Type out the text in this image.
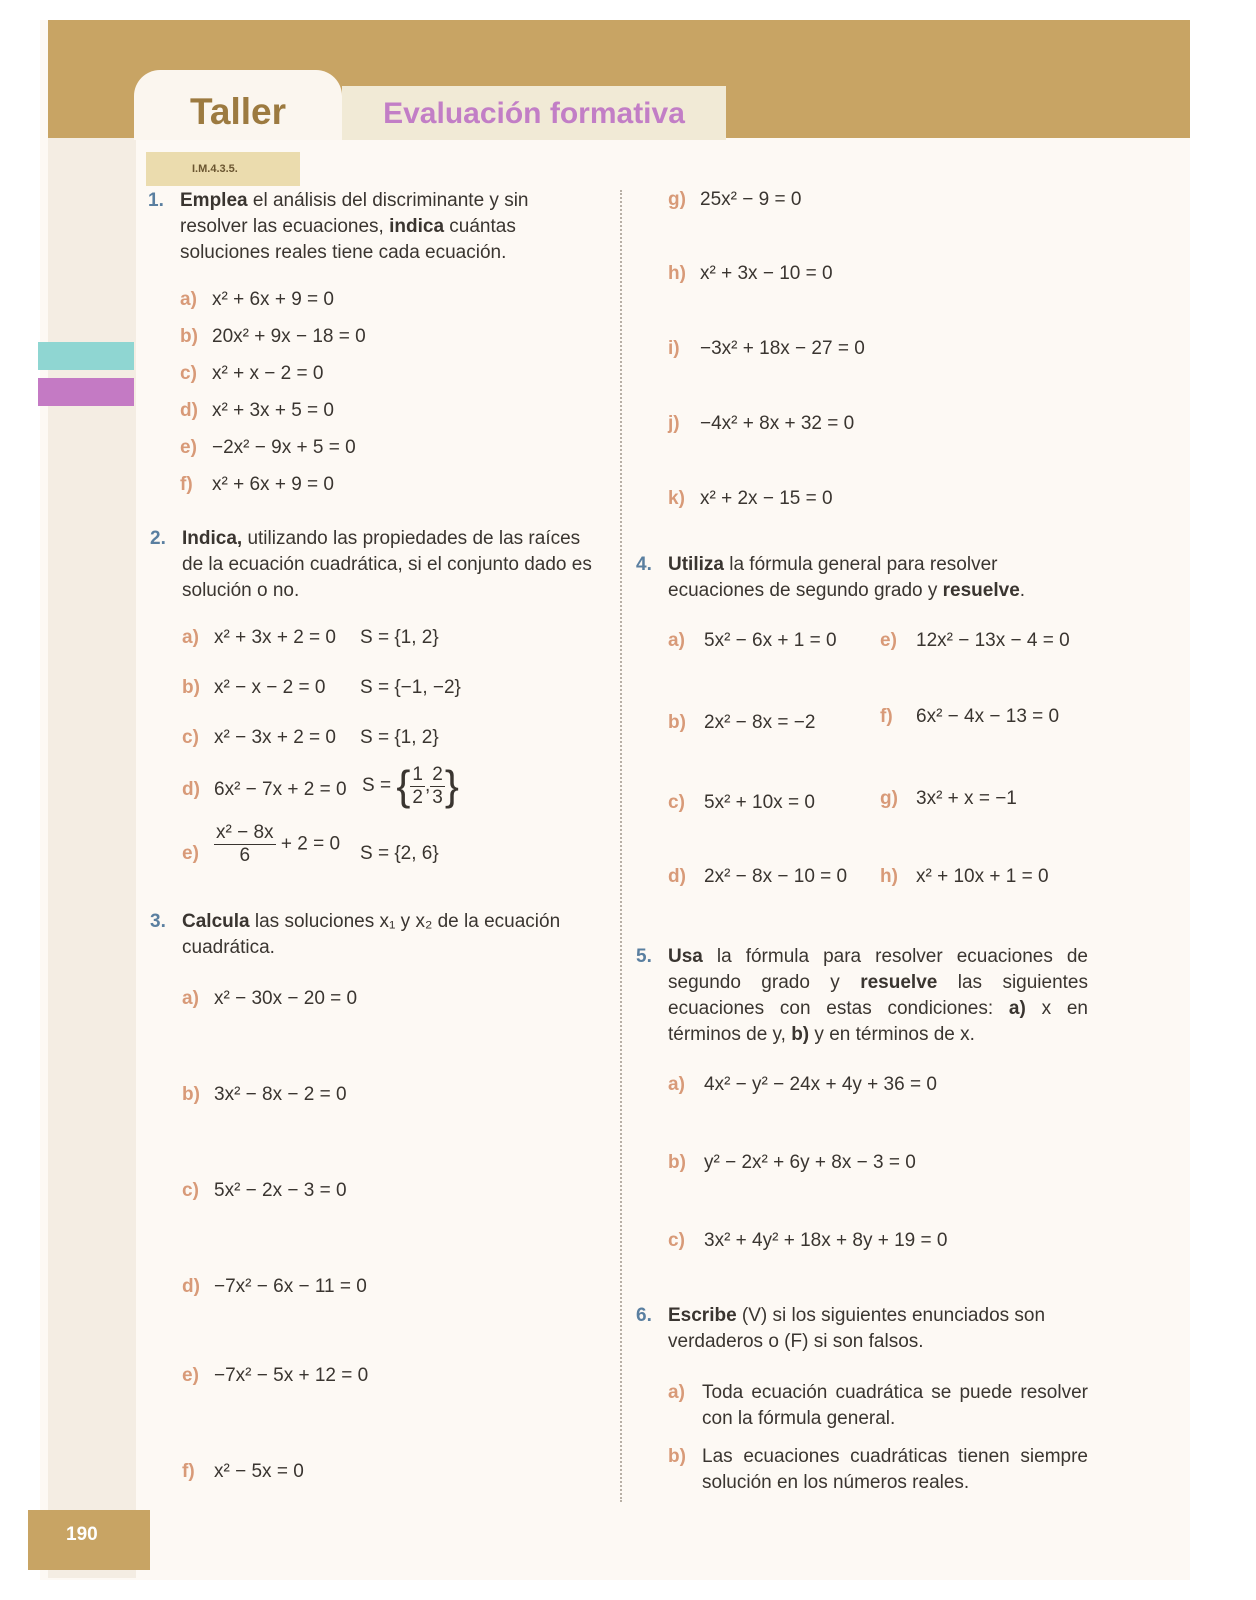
Taller	Evaluación formativa
I.M.4.3.5.
1. Emplea el análisis del discriminante y sin resolver las ecuaciones, indica cuántas soluciones reales tiene cada ecuación.
a) x² + 6x + 9 = 0
b) 20x² + 9x − 18 = 0
c) x² + x − 2 = 0
d) x² + 3x + 5 = 0
e) −2x² − 9x + 5 = 0
f) x² + 6x + 9 = 0
g) 25x² − 9 = 0
h) x² + 3x − 10 = 0
i) −3x² + 18x − 27 = 0
j) −4x² + 8x + 32 = 0
k) x² + 2x − 15 = 0
2. Indica, utilizando las propiedades de las raíces de la ecuación cuadrática, si el conjunto dado es solución o no.
a) x² + 3x + 2 = 0 S = {1, 2}
b) x² − x − 2 = 0 S = {−1, −2}
c) x² − 3x + 2 = 0 S = {1, 2}
d) 6x² − 7x + 2 = 0 S = { $\frac{1}{2}$ , $\frac{2}{3}$ }
$e) \frac{\text{x² − 8x}}{6} + 2 = 0$ S = {2, 6}
3. Calcula las soluciones x₁ y x₂ de la ecuación cuadrática.
a) x² − 30x − 20 = 0
b) 3x² − 8x − 2 = 0
c) 5x² − 2x − 3 = 0
d) −7x² − 6x − 11 = 0
e) −7x² − 5x + 12 = 0
f) x² − 5x = 0
4. Utiliza la fórmula general para resolver ecuaciones de segundo grado y resuelve.
a) 5x² − 6x + 1 = 0 e) 12x² − 13x − 4 = 0
b) 2x² − 8x = −2	f) 6x² − 4x − 13 = 0
c) 5x² + 10x = 0	g) 3x² + x = −1
d) 2x² − 8x − 10 = 0 h) x² + 10x + 1 = 0
5. Usa la fórmula para resolver ecuaciones de segundo grado y resuelve las siguientes ecuaciones con estas condiciones: a) x en términos de y, b) y en términos de x.
a) 4x² − y² − 24x + 4y + 36 = 0
b) y² − 2x² + 6y + 8x − 3 = 0
c) 3x² + 4y² + 18x + 8y + 19 = 0
6. Escribe (V) si los siguientes enunciados son verdaderos o (F) si son falsos.
a) Toda ecuación cuadrática se puede resolver con la fórmula general.
b) Las ecuaciones cuadráticas tienen siempre solución en los números reales.
190
